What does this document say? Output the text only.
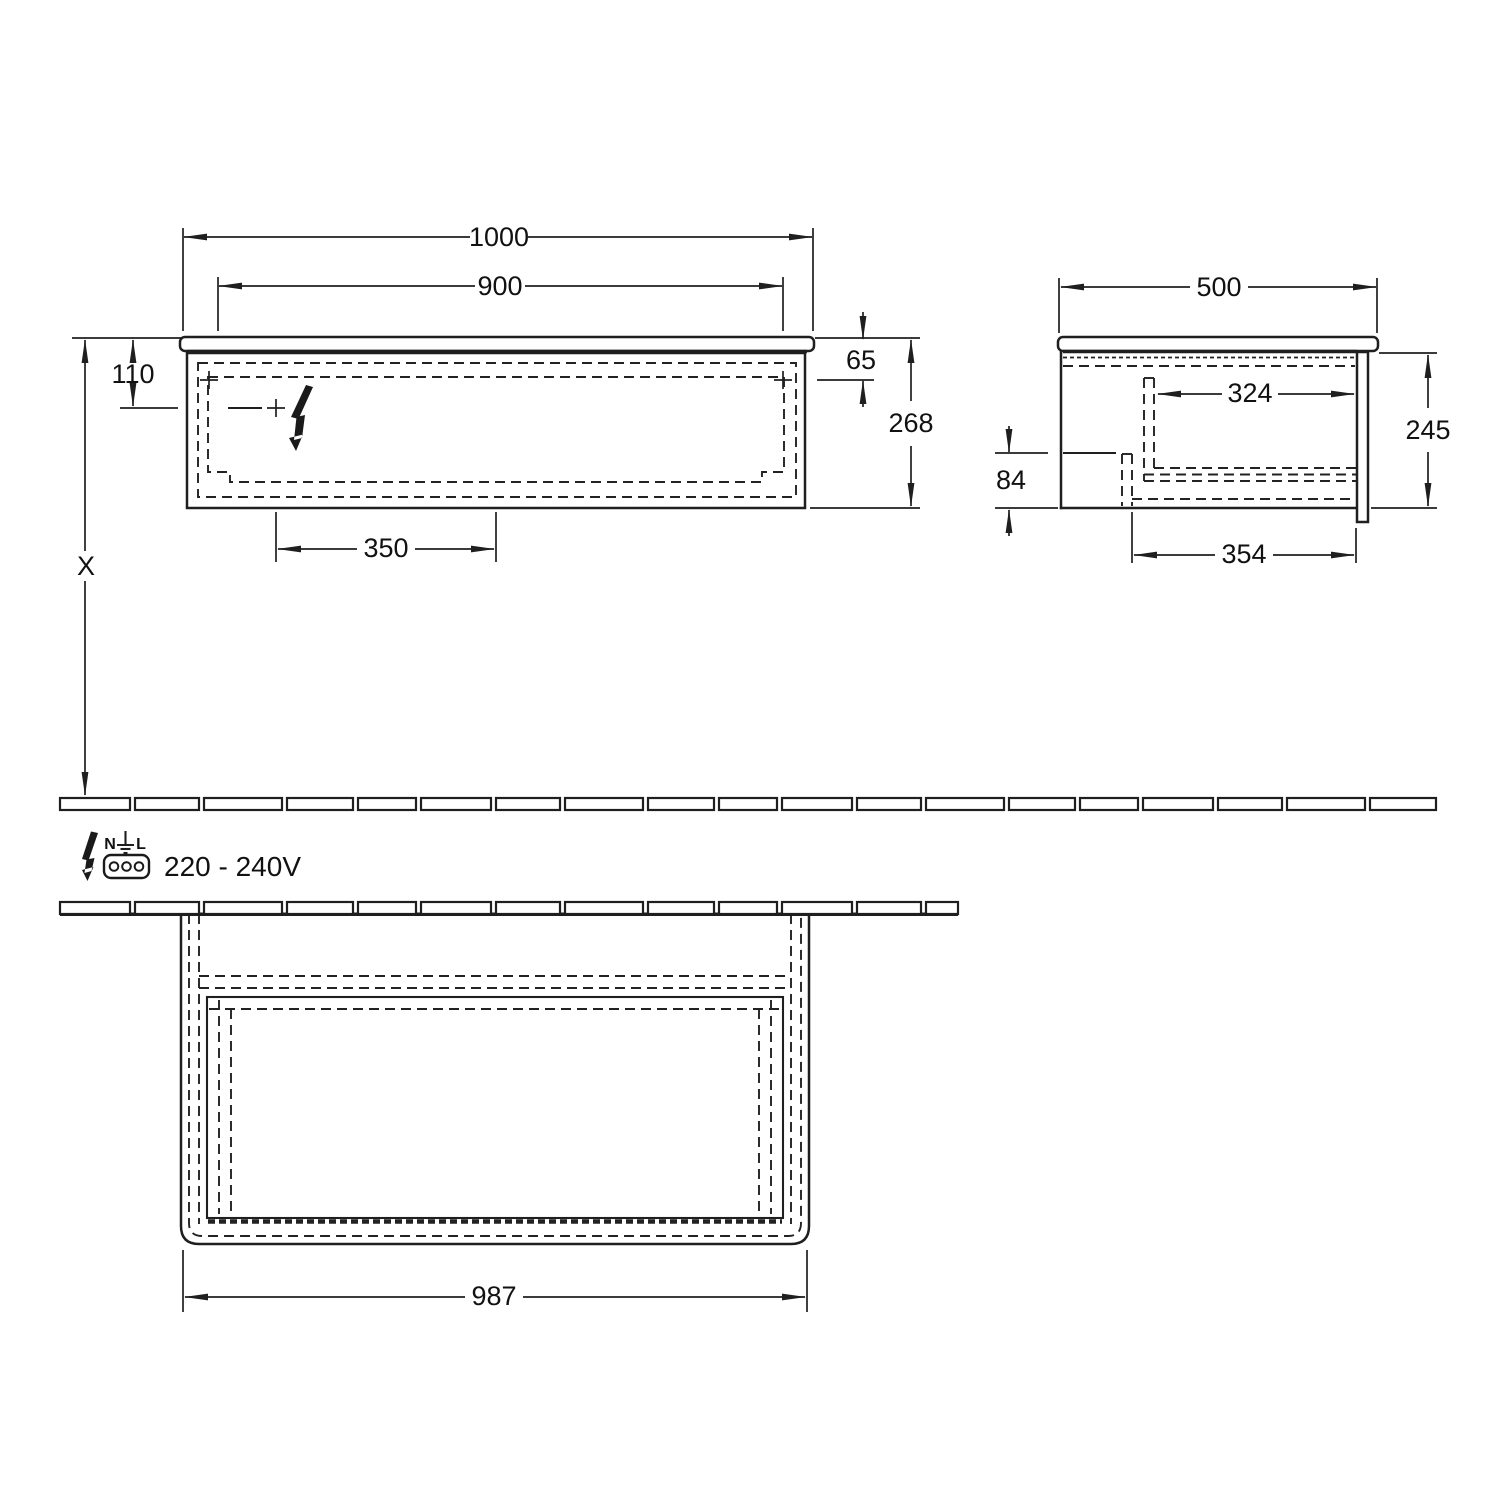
1000
900
110	65
268
350
X
500
324
84
245
354
987
N L
220 - 240V
